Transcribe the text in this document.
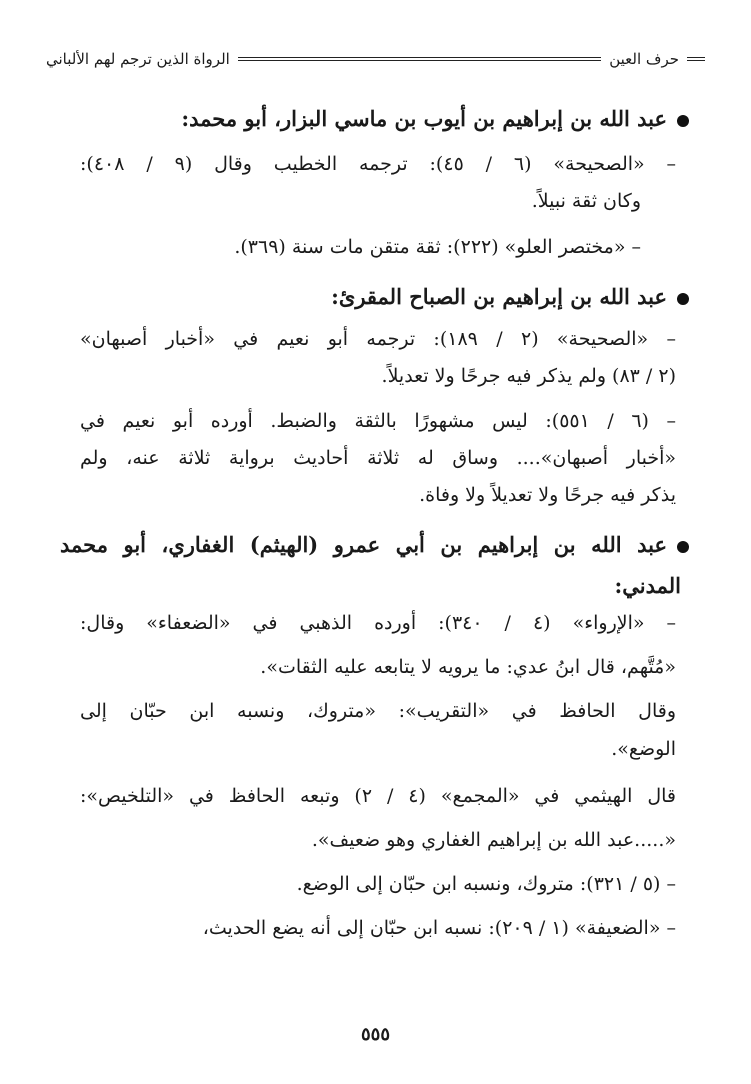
حرف العين
الرواة الذين ترجم لهم الألباني
عبد الله بن إبراهيم بن أيوب بن ماسي البزار، أبو محمد:
– «الصحيحة» (٦ / ٤٥): ترجمه الخطيب وقال (٩ / ٤٠٨):
وكان ثقة نبيلاً.
– «مختصر العلو» (٢٢٢): ثقة متقن مات سنة (٣٦٩).
عبد الله بن إبراهيم بن الصباح المقرئ:
– «الصحيحة» (٢ / ١٨٩): ترجمه أبو نعيم في «أخبار أصبهان»
(٢ / ٨٣) ولم يذكر فيه جرحًا ولا تعديلاً.
– (٦ / ٥٥١): ليس مشهورًا بالثقة والضبط. أورده أبو نعيم في
«أخبار أصبهان».... وساق له ثلاثة أحاديث برواية ثلاثة عنه، ولم
يذكر فيه جرحًا ولا تعديلاً ولا وفاة.
عبد الله بن إبراهيم بن أبي عمرو (الهيثم) الغفاري، أبو محمد
المدني:
– «الإرواء» (٤ / ٣٤٠): أورده الذهبي في «الضعفاء» وقال:
«مُتَّهم، قال ابنُ عدي: ما يرويه لا يتابعه عليه الثقات».
وقال الحافظ في «التقريب»: «متروك، ونسبه ابن حبّان إلى
الوضع».
قال الهيثمي في «المجمع» (٤ / ٢) وتبعه الحافظ في «التلخيص»:
«.....عبد الله بن إبراهيم الغفاري وهو ضعيف».
– (٥ / ٣٢١): متروك، ونسبه ابن حبّان إلى الوضع.
– «الضعيفة» (١ / ٢٠٩): نسبه ابن حبّان إلى أنه يضع الحديث،
٥٥٥
